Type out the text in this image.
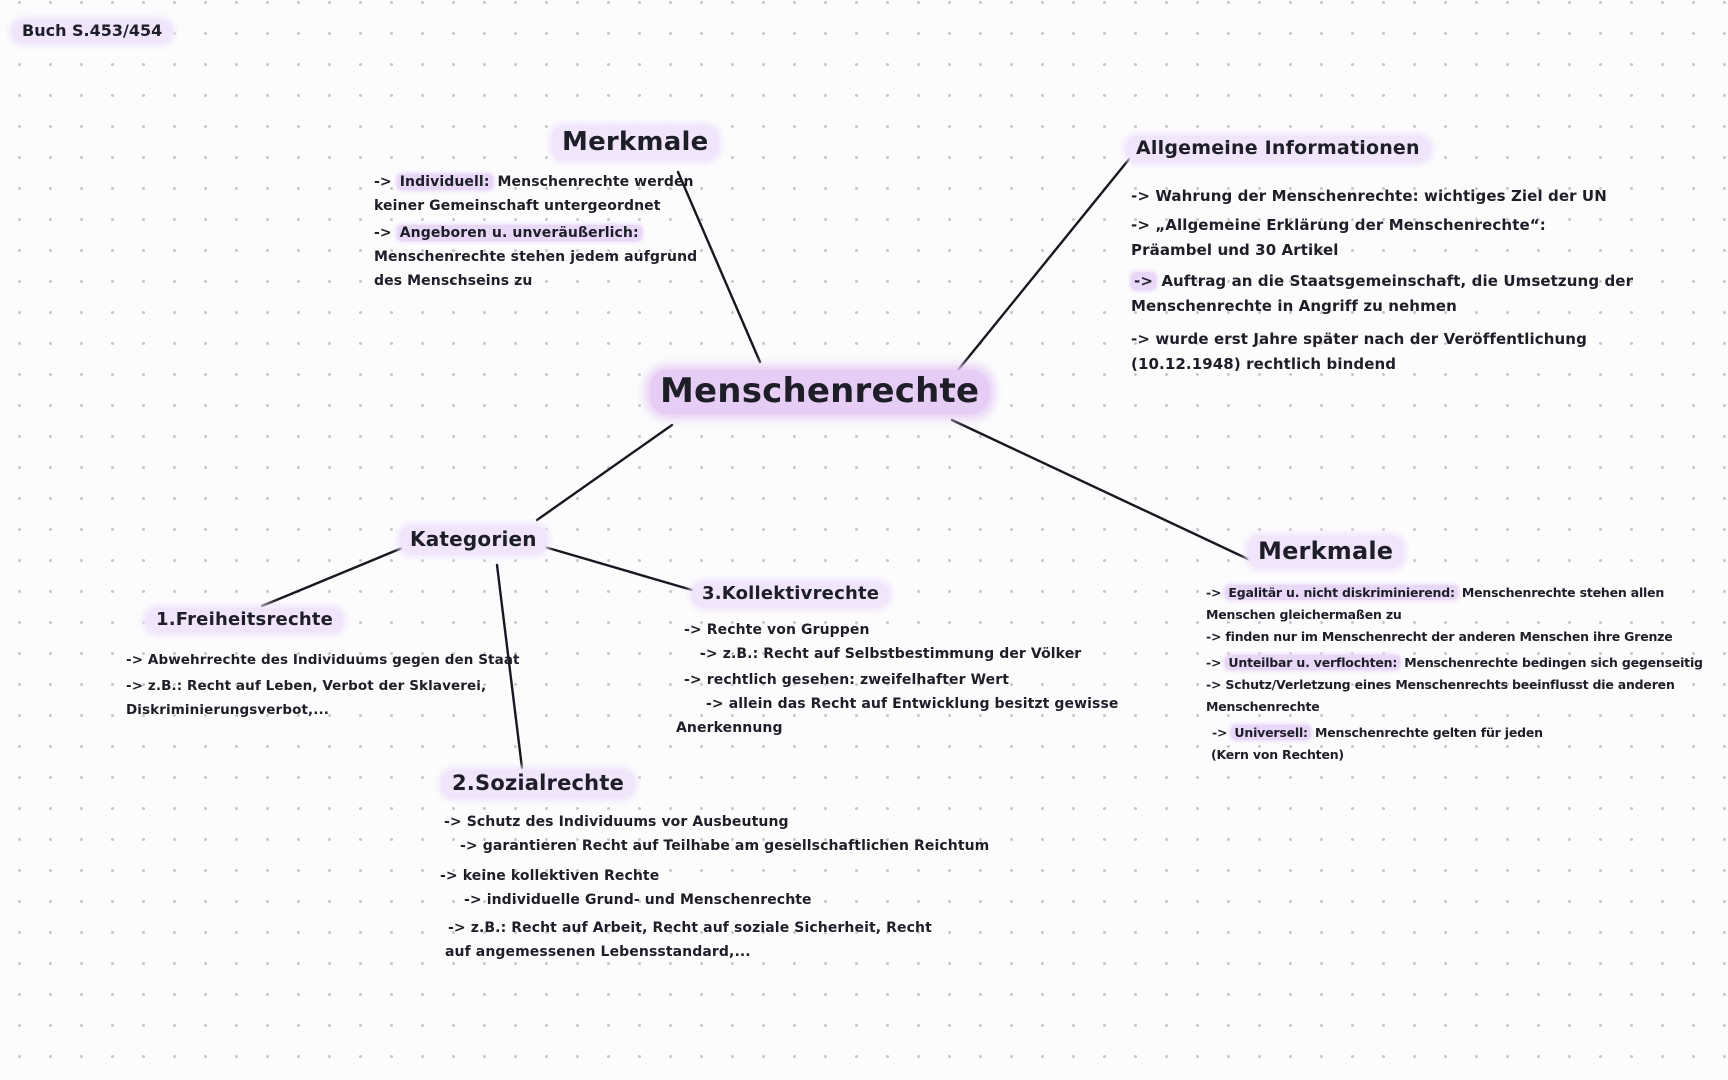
Buch S.453/454
Merkmale
-> Individuell: Menschenrechte werden
keiner Gemeinschaft untergeordnet
-> Angeboren u. unveräußerlich:
Menschenrechte stehen jedem aufgrund
des Menschseins zu
Allgemeine Informationen
-> Wahrung der Menschenrechte: wichtiges Ziel der UN
-> „Allgemeine Erklärung der Menschenrechte“:
Präambel und 30 Artikel
-> Auftrag an die Staatsgemeinschaft, die Umsetzung der
Menschenrechte in Angriff zu nehmen
-> wurde erst Jahre später nach der Veröffentlichung
(10.12.1948) rechtlich bindend
Menschenrechte
Kategorien
1.Freiheitsrechte
-> Abwehrrechte des Individuums gegen den Staat
-> z.B.: Recht auf Leben, Verbot der Sklaverei,
Diskriminierungsverbot,...
3.Kollektivrechte
-> Rechte von Gruppen
-> z.B.: Recht auf Selbstbestimmung der Völker
-> rechtlich gesehen: zweifelhafter Wert
-> allein das Recht auf Entwicklung besitzt gewisse
Anerkennung
Merkmale
-> Egalitär u. nicht diskriminierend: Menschenrechte stehen allen
Menschen gleichermaßen zu
-> finden nur im Menschenrecht der anderen Menschen ihre Grenze
-> Unteilbar u. verflochten: Menschenrechte bedingen sich gegenseitig
-> Schutz/Verletzung eines Menschenrechts beeinflusst die anderen
Menschenrechte
-> Universell: Menschenrechte gelten für jeden
(Kern von Rechten)
2.Sozialrechte
-> Schutz des Individuums vor Ausbeutung
-> garantieren Recht auf Teilhabe am gesellschaftlichen Reichtum
-> keine kollektiven Rechte
-> individuelle Grund- und Menschenrechte
-> z.B.: Recht auf Arbeit, Recht auf soziale Sicherheit, Recht
auf angemessenen Lebensstandard,...
